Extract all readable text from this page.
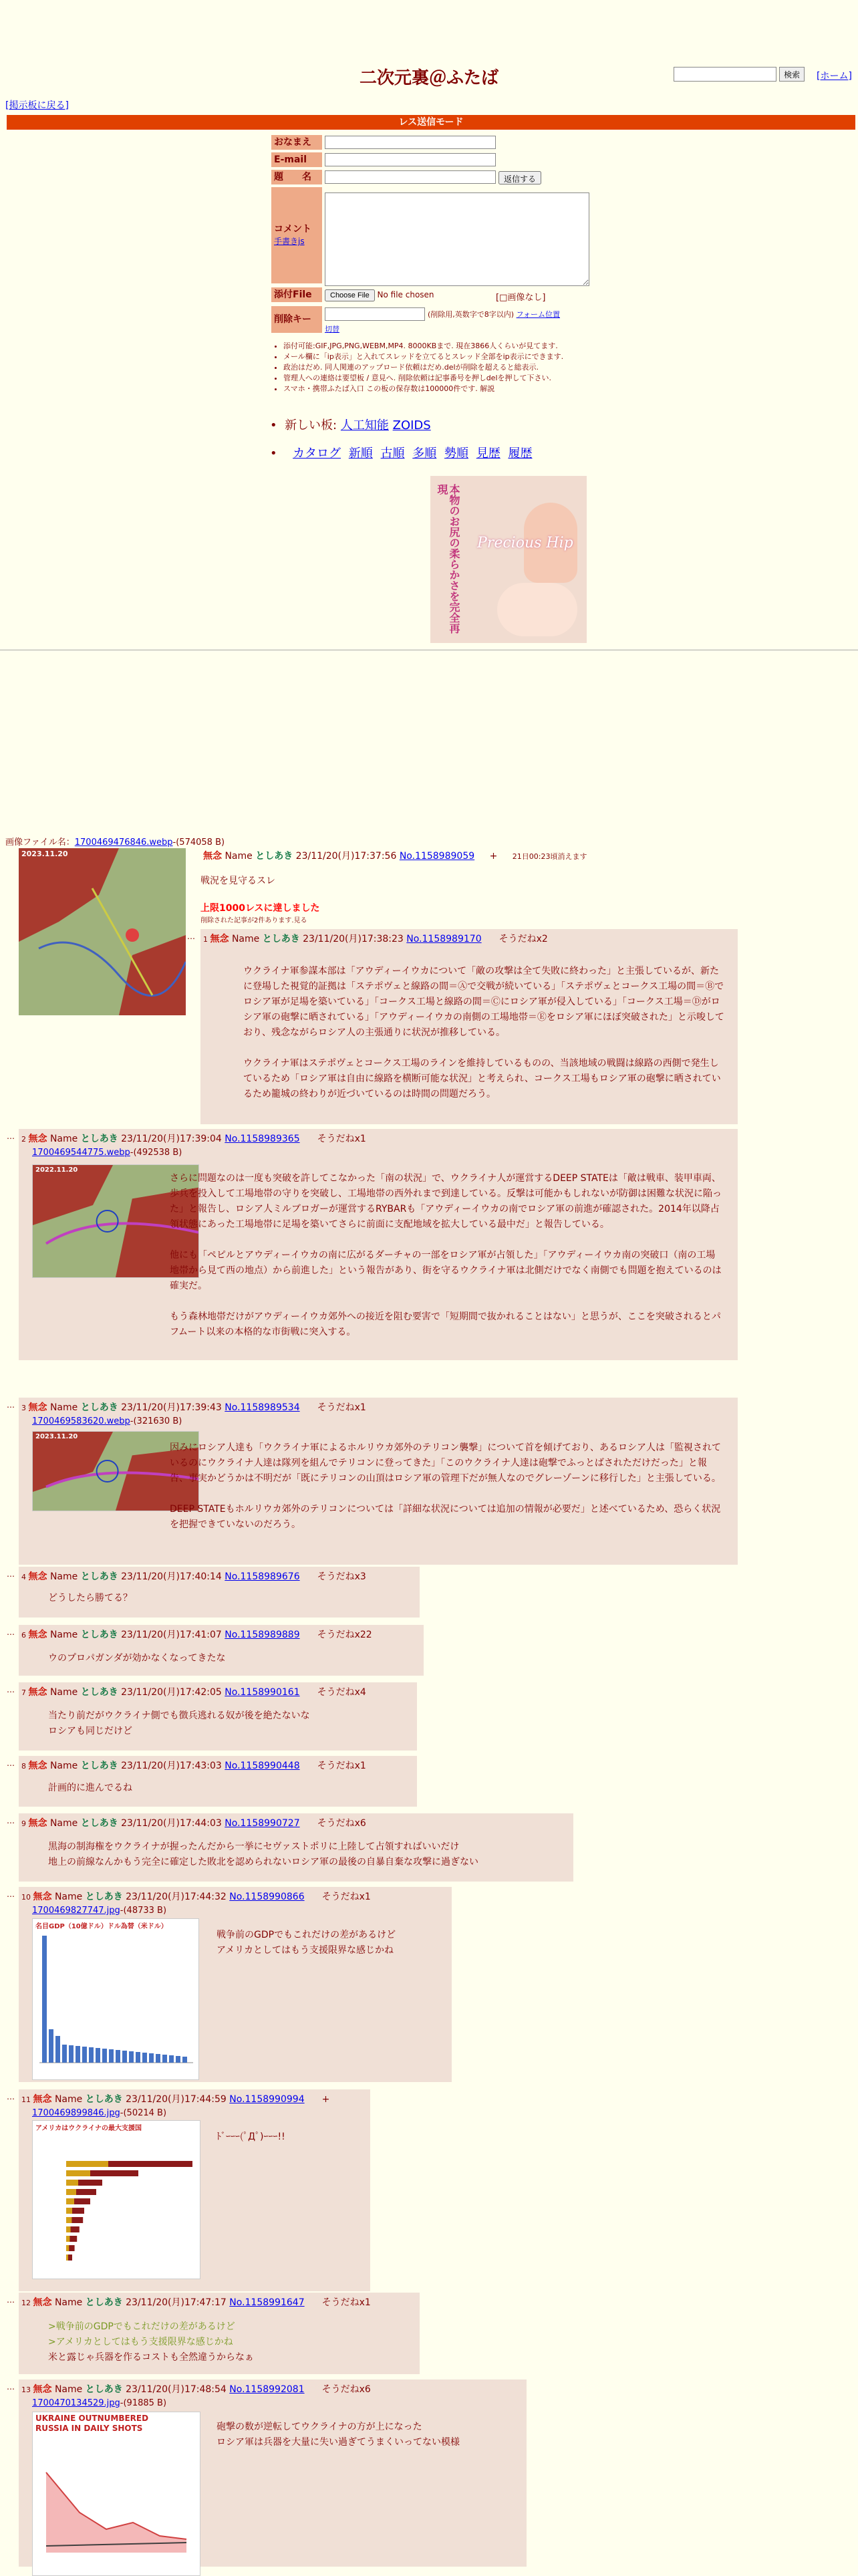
二次元裏＠ふたば	検索	[ホーム]
[掲示板に戻る]
レス送信モード
おなまえ
E-mail
題　　名	返信する
コメント
手書きjs
添付File	Choose File No file chosen	[□画像なし]
削除キー	(削除用,英数字で8字以内) フォーム位置
切替
• 添付可能:GIF,JPG,PNG,WEBM,MP4. 8000KBまで. 現在3866人くらいが見てます.
• メール欄に「ip表示」と入れてスレッドを立てるとスレッド全部をip表示にできます.
• 政治はだめ. 同人関連のアップロード依頼はだめ.delが削除を超えると総表示.
• 管理人への連絡は要望板 / 意見へ. 削除依頼は記事番号を押しdelを押して下さい.
• スマホ・携帯ふたば入口 この板の保存数は100000件です. 解説
•  新しい板: 人工知能 ZOIDS
•  カタログ 新順 古順 多順 勢順 見歴 履歴
本物のお尻の柔らかさを完全再現
Precious Hip
画像ファイル名：1700469476846.webp-(574058 B)
2023.11.20	無念 Name としあき 23/11/20(月)17:37:56 No.1158989059 + 21日00:23頃消えます
戦況を見守るスレ
上限1000レスに達しました
削除された記事が2件あります.見る
… 1 無念 Name としあき 23/11/20(月)17:38:23 No.1158989170 そうだねx2
ウクライナ軍参謀本部は「アウディーイウカについて「敵の攻撃は全て失敗に終わった」と主張しているが、新たに登場した視覚的証拠は「ステポヴェと線路の間＝Ⓐで交戦が続いている」「ステポヴェとコークス工場の間＝Ⓑでロシア軍が足場を築いている」「コークス工場と線路の間＝Ⓒにロシア軍が侵入している」「コークス工場＝Ⓓがロシア軍の砲撃に晒されている」「アウディーイウカの南側の工場地帯＝Ⓔをロシア軍にほぼ突破された」と示唆しており、残念ながらロシア人の主張通りに状況が推移している。
ウクライナ軍はステポヴェとコークス工場のラインを維持しているものの、当該地域の戦闘は線路の西側で発生しているため「ロシア軍は自由に線路を横断可能な状況」と考えられ、コークス工場もロシア軍の砲撃に晒されているため籠城の終わりが近づいているのは時間の問題だろう。
… 2 無念 Name としあき 23/11/20(月)17:39:04 No.1158989365 そうだねx1
1700469544775.webp-(492538 B)
2022.11.20
さらに問題なのは一度も突破を許してこなかった「南の状況」で、ウクライナ人が運営するDEEP STATEは「敵は戦車、装甲車両、歩兵を投入して工場地帯の守りを突破し、工場地帯の西外れまで到達している。反撃は可能かもしれないが防御は困難な状況に陥った」と報告し、ロシア人ミルブロガーが運営するRYBARも「アウディーイウカの南でロシア軍の前進が確認された。2014年以降占領状態にあった工場地帯に足場を築いてさらに前面に支配地域を拡大している最中だ」と報告している。
他にも「ペピルとアウディーイウカの南に広がるダーチャの一部をロシア軍が占領した」「アウディーイウカ南の突破口（南の工場地帯から見て西の地点）から前進した」という報告があり、街を守るウクライナ軍は北側だけでなく南側でも問題を抱えているのは確実だ。
もう森林地帯だけがアウディーイウカ郊外への接近を阻む要害で「短期間で抜かれることはない」と思うが、ここを突破されるとパフムート以来の本格的な市街戦に突入する。
… 3 無念 Name としあき 23/11/20(月)17:39:43 No.1158989534 そうだねx1
1700469583620.webp-(321630 B)
2023.11.20
因みにロシア人達も「ウクライナ軍によるホルリウカ郊外のテリコン襲撃」について首を傾げており、あるロシア人は「監視されているのにウクライナ人達は隊列を組んでテリコンに登ってきた」「このウクライナ人達は砲撃でふっとばされただけだった」と報告、事実かどうかは不明だが「既にテリコンの山頂はロシア軍の管理下だが無人なのでグレーゾーンに移行した」と主張している。
DEEP STATEもホルリウカ郊外のテリコンについては「詳細な状況については追加の情報が必要だ」と述べているため、恐らく状況を把握できていないのだろう。
… 4 無念 Name としあき 23/11/20(月)17:40:14 No.1158989676 そうだねx3
どうしたら勝てる？
… 6 無念 Name としあき 23/11/20(月)17:41:07 No.1158989889 そうだねx22
ウのプロパガンダが効かなくなってきたな
… 7 無念 Name としあき 23/11/20(月)17:42:05 No.1158990161 そうだねx4
当たり前だがウクライナ側でも徴兵逃れる奴が後を絶たないな
ロシアも同じだけど
… 8 無念 Name としあき 23/11/20(月)17:43:03 No.1158990448 そうだねx1
計画的に進んでるね
… 9 無念 Name としあき 23/11/20(月)17:44:03 No.1158990727 そうだねx6
黒海の制海権をウクライナが握ったんだから一挙にセヴァストポリに上陸して占領すればいいだけ
地上の前線なんかもう完全に確定した敗北を認められないロシア軍の最後の自暴自棄な攻撃に過ぎない
… 10 無念 Name としあき 23/11/20(月)17:44:32 No.1158990866 そうだねx1
1700469827747.jpg-(48733 B)
名目GDP（10億ドル）ドル為替（米ドル）
戦争前のGDPでもこれだけの差があるけど
アメリカとしてはもう支援限界な感じかね
… 11 無念 Name としあき 23/11/20(月)17:44:59 No.1158990994 +
1700469899846.jpg-(50214 B)
アメリカはウクライナの最大支援国
ﾄﾞｰｰｰ(ﾟДﾟ)ｰｰｰ!!
… 12 無念 Name としあき 23/11/20(月)17:47:17 No.1158991647 そうだねx1
>戦争前のGDPでもこれだけの差があるけど
>アメリカとしてはもう支援限界な感じかね
米と露じゃ兵器を作るコストも全然違うからなぁ
… 13 無念 Name としあき 23/11/20(月)17:48:54 No.1158992081 そうだねx6
1700470134529.jpg-(91885 B)
UKRAINE OUTNUMBERED
RUSSIA IN DAILY SHOTS	砲撃の数が逆転してウクライナの方が上になった
ロシア軍は兵器を大量に失い過ぎてうまくいってない模様
